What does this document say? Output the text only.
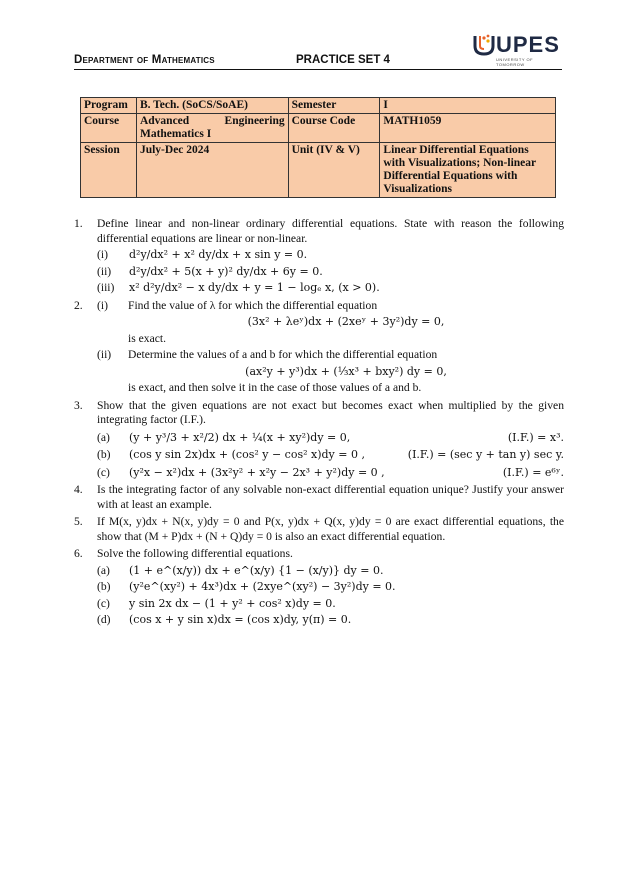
Department of Mathematics	PRACTICE SET 4
UPES
UNIVERSITY OF TOMORROW
Program	B. Tech. (SoCS/SoAE)	Semester	I
Course	Advanced Engineering Mathematics I	Course Code	MATH1059
Session	July-Dec 2024	Unit (IV & V)	Linear Differential Equations with Visualizations; Non-linear Differential Equations with Visualizations
1. Define linear and non-linear ordinary differential equations. State with reason the following differential equations are linear or non-linear.

(i) d²y/dx² + x² dy/dx + x sin y = 0.
(ii) d²y/dx² + 5(x + y)² dy/dx + 6y = 0.
(iii) x² d²y/dx² − x dy/dx + y = 1 − logₑ x, (x > 0).
2. (i) Find the value of λ for which the differential equation
(3x² + λeʸ)dx + (2xeʸ + 3y²)dy = 0,
is exact.
(ii) Determine the values of a and b for which the differential equation
(ax²y + y³)dx + (⅓x³ + bxy²) dy = 0,
is exact, and then solve it in the case of those values of a and b.
3. Show that the given equations are not exact but becomes exact when multiplied by the given integrating factor (I.F.).

(a) (y + y³/3 + x²/2) dx + ¼(x + xy²)dy = 0,	(I.F.) = x³.
(b) (cos y sin 2x)dx + (cos² y − cos² x)dy = 0 ,	(I.F.) = (sec y + tan y) sec y.
(c) (y²x − x²)dx + (3x²y² + x²y − 2x³ + y²)dy = 0 ,	(I.F.) = e⁶ʸ.
4. Is the integrating factor of any solvable non-exact differential equation unique? Justify your answer with at least an example.

5. If M(x, y)dx + N(x, y)dy = 0 and P(x, y)dx + Q(x, y)dy = 0 are exact differential equations, the show that (M + P)dx + (N + Q)dy = 0 is also an exact differential equation.

6. Solve the following differential equations.

(a) (1 + e^(x/y)) dx + e^(x/y) {1 − (x/y)} dy = 0.
(b) (y²e^(xy²) + 4x³)dx + (2xye^(xy²) − 3y²)dy = 0.
(c) y sin 2x dx − (1 + y² + cos² x)dy = 0.
(d) (cos x + y sin x)dx = (cos x)dy, y(π) = 0.
